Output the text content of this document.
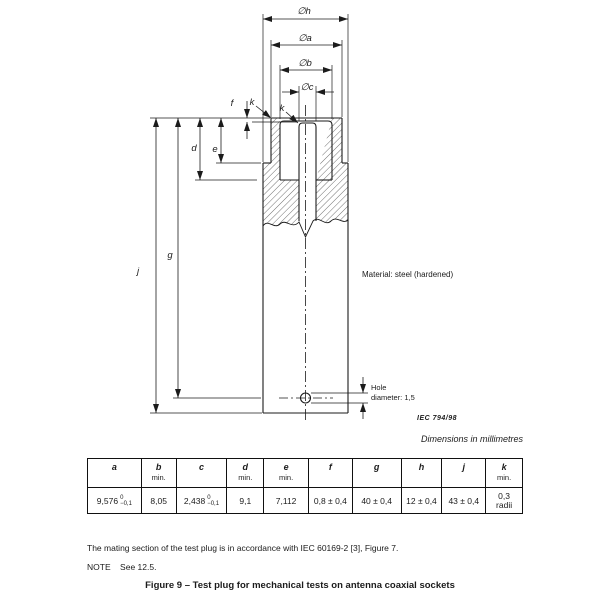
∅h
∅a
∅b
∅c
f k
k
d e
g
j
Hole
diameter: 1,5
Material: steel (hardened)
IEC 794/98
Dimensions in millimetres
a
9,576 0
−0,1
b
min.
8,05
c
2,438 0
−0,1
d
min.
9,1
e
min.
7,112
f
0,8 ± 0,4
g
40 ± 0,4
h
12 ± 0,4
j
43 ± 0,4
k
min.
0,3
radii
The mating section of the test plug is in accordance with IEC 60169-2 [3], Figure 7.
NOTE    See 12.5.
Figure 9 – Test plug for mechanical tests on antenna coaxial sockets
